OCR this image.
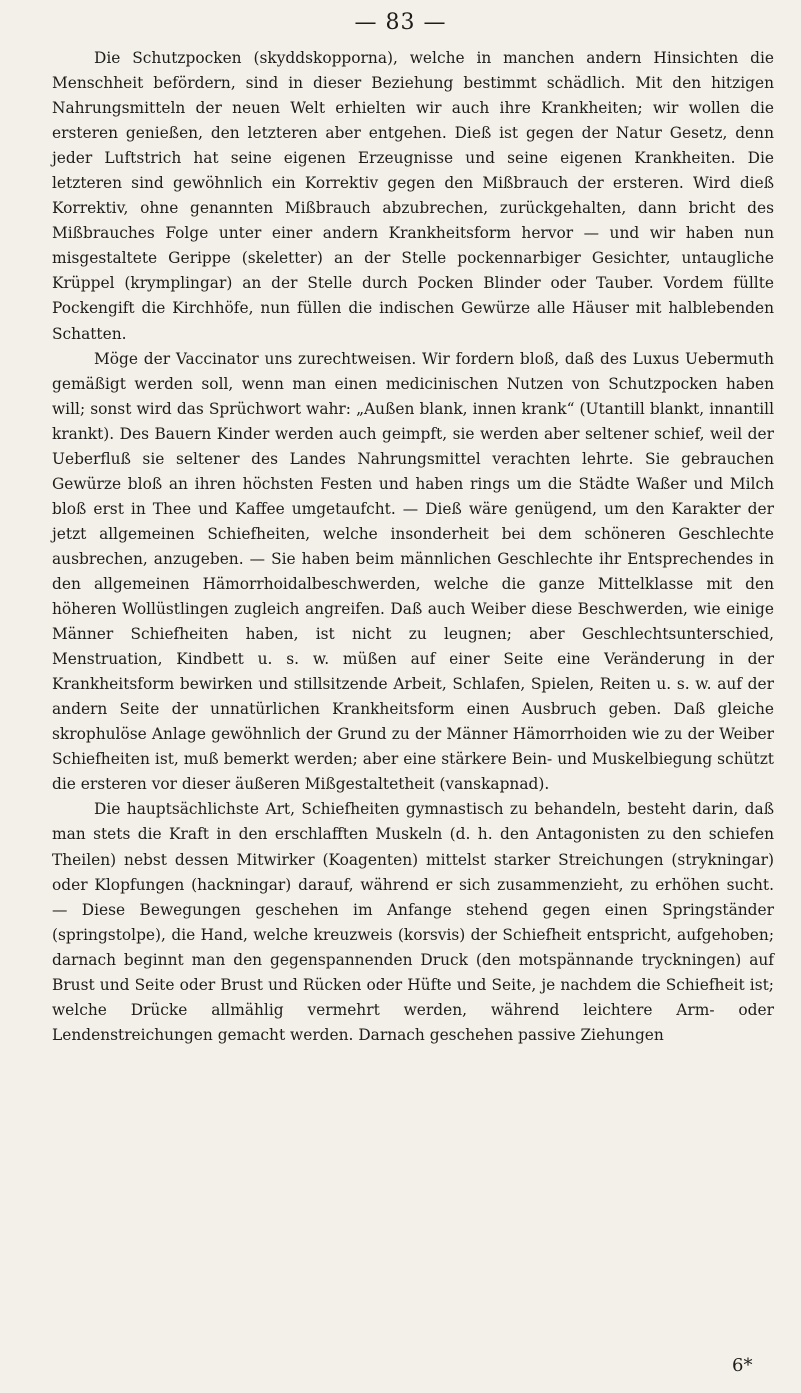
— 83 —

Die Schutzpocken (skyddskopporna), welche in manchen andern Hinsichten die Menschheit befördern, sind in dieser Beziehung bestimmt schädlich. Mit den hitzigen Nahrungsmitteln der neuen Welt erhielten wir auch ihre Krankheiten; wir wollen die ersteren genießen, den letzteren aber entgehen. Dieß ist gegen der Natur Gesetz, denn jeder Luftstrich hat seine eigenen Erzeugnisse und seine eigenen Krankheiten. Die letzteren sind gewöhnlich ein Korrektiv gegen den Mißbrauch der ersteren. Wird dieß Korrektiv, ohne genannten Mißbrauch abzubrechen, zurückgehalten, dann bricht des Mißbrauches Folge unter einer andern Krankheitsform hervor — und wir haben nun misgestaltete Gerippe (skeletter) an der Stelle pockennarbiger Gesichter, untaugliche Krüppel (krymplingar) an der Stelle durch Pocken Blinder oder Tauber. Vordem füllte Pockengift die Kirchhöfe, nun füllen die indischen Gewürze alle Häuser mit halblebenden Schatten.

Möge der Vaccinator uns zurechtweisen. Wir fordern bloß, daß des Luxus Uebermuth gemäßigt werden soll, wenn man einen medicinischen Nutzen von Schutzpocken haben will; sonst wird das Sprüchwort wahr: „Außen blank, innen krank“ (Utantill blankt, innantill krankt). Des Bauern Kinder werden auch geimpft, sie werden aber seltener schief, weil der Ueberfluß sie seltener des Landes Nahrungsmittel verachten lehrte. Sie gebrauchen Gewürze bloß an ihren höchsten Festen und haben rings um die Städte Waßer und Milch bloß erst in Thee und Kaffee umgetaufcht. — Dieß wäre genügend, um den Karakter der jetzt allgemeinen Schiefheiten, welche insonderheit bei dem schöneren Geschlechte ausbrechen, anzugeben. — Sie haben beim männlichen Geschlechte ihr Entsprechendes in den allgemeinen Hämorrhoidalbeschwerden, welche die ganze Mittelklasse mit den höheren Wollüstlingen zugleich angreifen. Daß auch Weiber diese Beschwerden, wie einige Männer Schiefheiten haben, ist nicht zu leugnen; aber Geschlechtsunterschied, Menstruation, Kindbett u. s. w. müßen auf einer Seite eine Veränderung in der Krankheitsform bewirken und stillsitzende Arbeit, Schlafen, Spielen, Reiten u. s. w. auf der andern Seite der unnatürlichen Krankheitsform einen Ausbruch geben. Daß gleiche skrophulöse Anlage gewöhnlich der Grund zu der Männer Hämorrhoiden wie zu der Weiber Schiefheiten ist, muß bemerkt werden; aber eine stärkere Bein- und Muskelbiegung schützt die ersteren vor dieser äußeren Mißgestaltetheit (vanskapnad).

Die hauptsächlichste Art, Schiefheiten gymnastisch zu behandeln, besteht darin, daß man stets die Kraft in den erschlafften Muskeln (d. h. den Antagonisten zu den schiefen Theilen) nebst dessen Mitwirker (Koagenten) mittelst starker Streichungen (stryknіngar) oder Klopfungen (hackningar) darauf, während er sich zusammenzieht, zu erhöhen sucht. — Diese Bewegungen geschehen im Anfange stehend gegen einen Springständer (springstolpe), die Hand, welche kreuzweis (korsvis) der Schiefheit entspricht, aufgehoben; darnach beginnt man den gegenspannenden Druck (den motspännande tryckningen) auf Brust und Seite oder Brust und Rücken oder Hüfte und Seite, je nachdem die Schiefheit ist; welche Drücke allmählig vermehrt werden, während leichtere Arm- oder Lendenstreichungen gemacht werden. Darnach geschehen passive Ziehungen

6*
